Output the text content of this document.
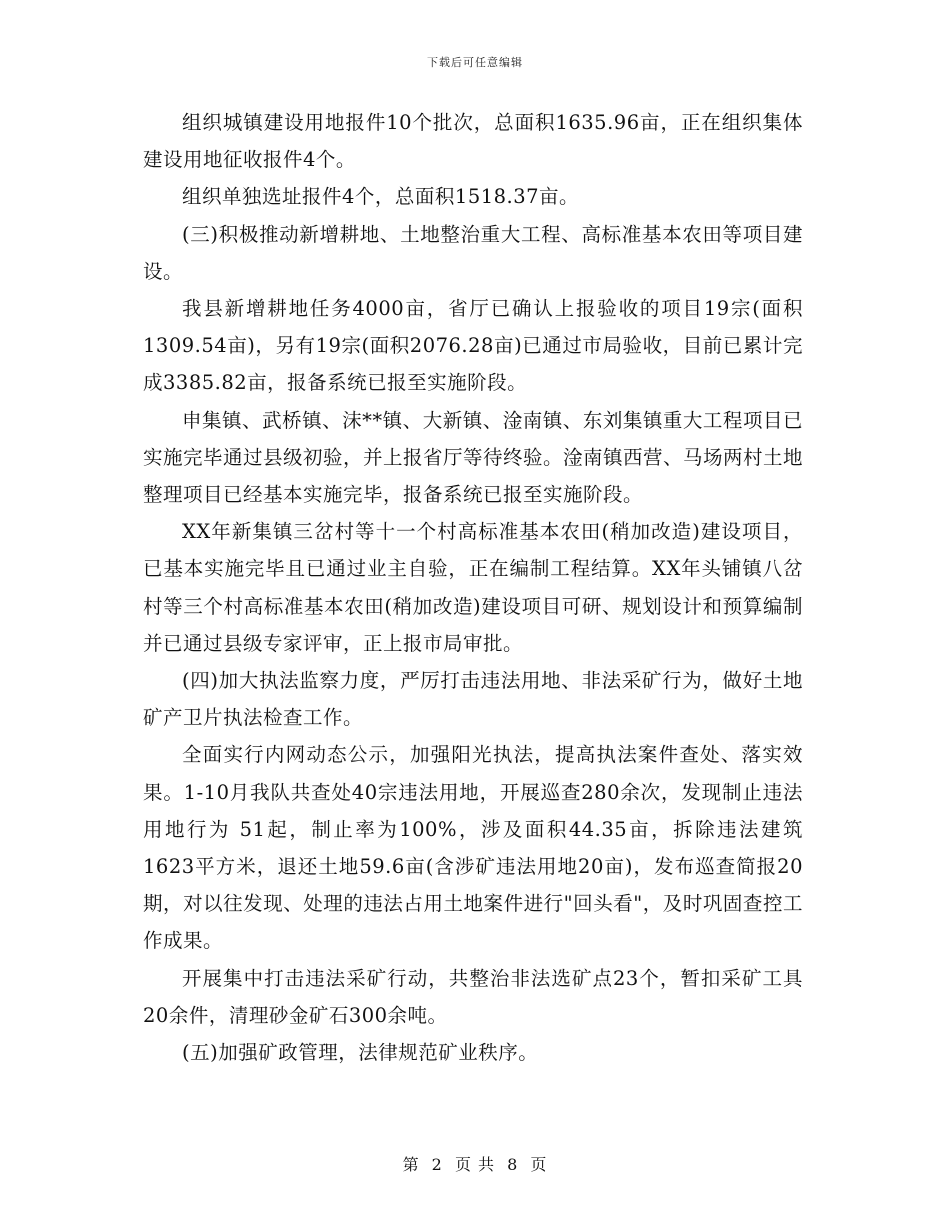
下载后可任意编辑

组织城镇建设用地报件10个批次，总面积1635.96亩，正在组织集体建设用地征收报件4个。

组织单独选址报件4个，总面积1518.37亩。

(三)积极推动新增耕地、土地整治重大工程、高标准基本农田等项目建设。

我县新增耕地任务4000亩，省厅已确认上报验收的项目19宗(面积1309.54亩)，另有19宗(面积2076.28亩)已通过市局验收，目前已累计完成3385.82亩，报备系统已报至实施阶段。

申集镇、武桥镇、沫**镇、大新镇、淦南镇、东刘集镇重大工程项目已实施完毕通过县级初验，并上报省厅等待终验。淦南镇西营、马场两村土地整理项目已经基本实施完毕，报备系统已报至实施阶段。

XX年新集镇三岔村等十一个村高标准基本农田(稍加改造)建设项目，已基本实施完毕且已通过业主自验，正在编制工程结算。XX年头铺镇八岔村等三个村高标准基本农田(稍加改造)建设项目可研、规划设计和预算编制并已通过县级专家评审，正上报市局审批。

(四)加大执法监察力度，严厉打击违法用地、非法采矿行为，做好土地矿产卫片执法检查工作。

全面实行内网动态公示，加强阳光执法，提高执法案件查处、落实效果。1-10月我队共查处40宗违法用地，开展巡查280余次，发现制止违法用地行为 51起，制止率为100%，涉及面积44.35亩，拆除违法建筑1623平方米，退还土地59.6亩(含涉矿违法用地20亩)，发布巡查简报20期，对以往发现、处理的违法占用土地案件进行"回头看"，及时巩固查控工作成果。

开展集中打击违法采矿行动，共整治非法选矿点23个，暂扣采矿工具20余件，清理砂金矿石300余吨。

(五)加强矿政管理，法律规范矿业秩序。

第 2 页 共 8 页
